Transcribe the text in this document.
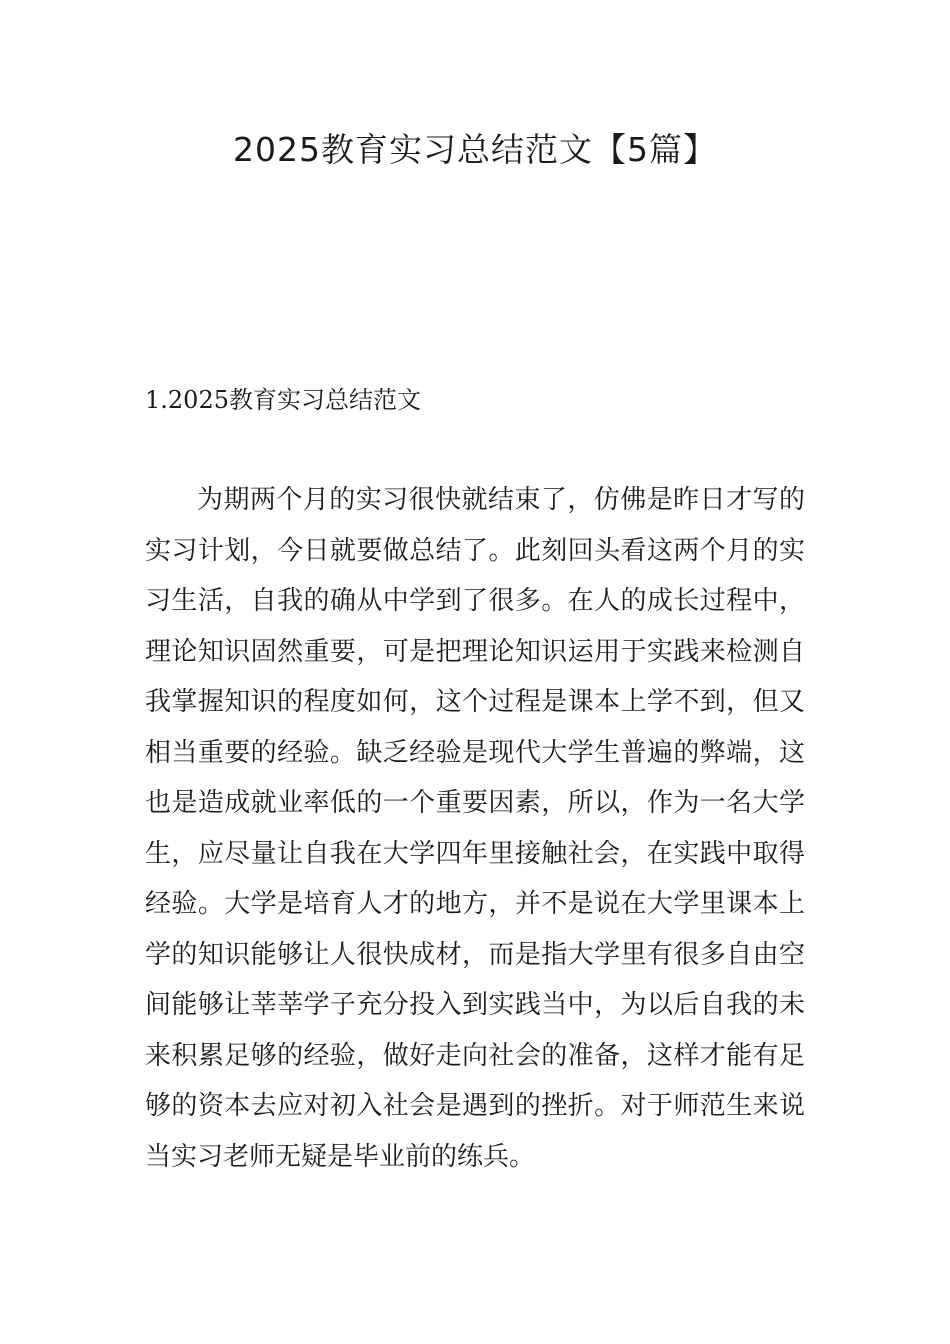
2025教育实习总结范文【5篇】
1.2025教育实习总结范文

为期两个月的实习很快就结束了，仿佛是昨日才写的实习计划，今日就要做总结了。此刻回头看这两个月的实习生活，自我的确从中学到了很多。在人的成长过程中，理论知识固然重要，可是把理论知识运用于实践来检测自我掌握知识的程度如何，这个过程是课本上学不到，但又相当重要的经验。缺乏经验是现代大学生普遍的弊端，这也是造成就业率低的一个重要因素，所以，作为一名大学生，应尽量让自我在大学四年里接触社会，在实践中取得经验。大学是培育人才的地方，并不是说在大学里课本上学的知识能够让人很快成材，而是指大学里有很多自由空间能够让莘莘学子充分投入到实践当中，为以后自我的未来积累足够的经验，做好走向社会的准备，这样才能有足够的资本去应对初入社会是遇到的挫折。对于师范生来说当实习老师无疑是毕业前的练兵。
